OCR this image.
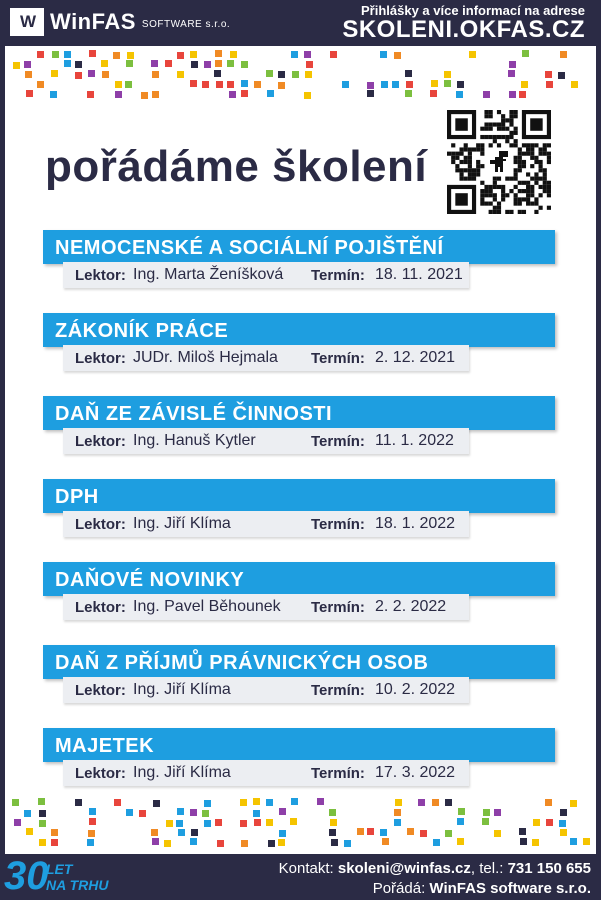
W WinFAS SOFTWARE s.r.o.
Přihlášky a více informací na adrese
SKOLENI.OKFAS.CZ
pořádáme školení
NEMOCENSKÉ A SOCIÁLNÍ POJIŠTĚNÍ
Lektor: Ing. Marta Ženíšková Termín: 18. 11. 2021
ZÁKONÍK PRÁCE
Lektor: JUDr. Miloš Hejmala Termín: 2. 12. 2021
DAŇ ZE ZÁVISLÉ ČINNOSTI
Lektor: Ing. Hanuš Kytler	Termín: 11. 1. 2022
DPH
Lektor: Ing. Jiří Klíma	Termín: 18. 1. 2022
DAŇOVÉ NOVINKY
Lektor: Ing. Pavel Běhounek Termín: 2. 2. 2022
DAŇ Z PŘÍJMŮ PRÁVNICKÝCH OSOB
Lektor: Ing. Jiří Klíma	Termín: 10. 2. 2022
MAJETEK
Lektor: Ing. Jiří Klíma	Termín: 17. 3. 2022
30
LET
NA TRHU
Kontakt: skoleni@winfas.cz, tel.: 731 150 655
Pořádá: WinFAS software s.r.o.
